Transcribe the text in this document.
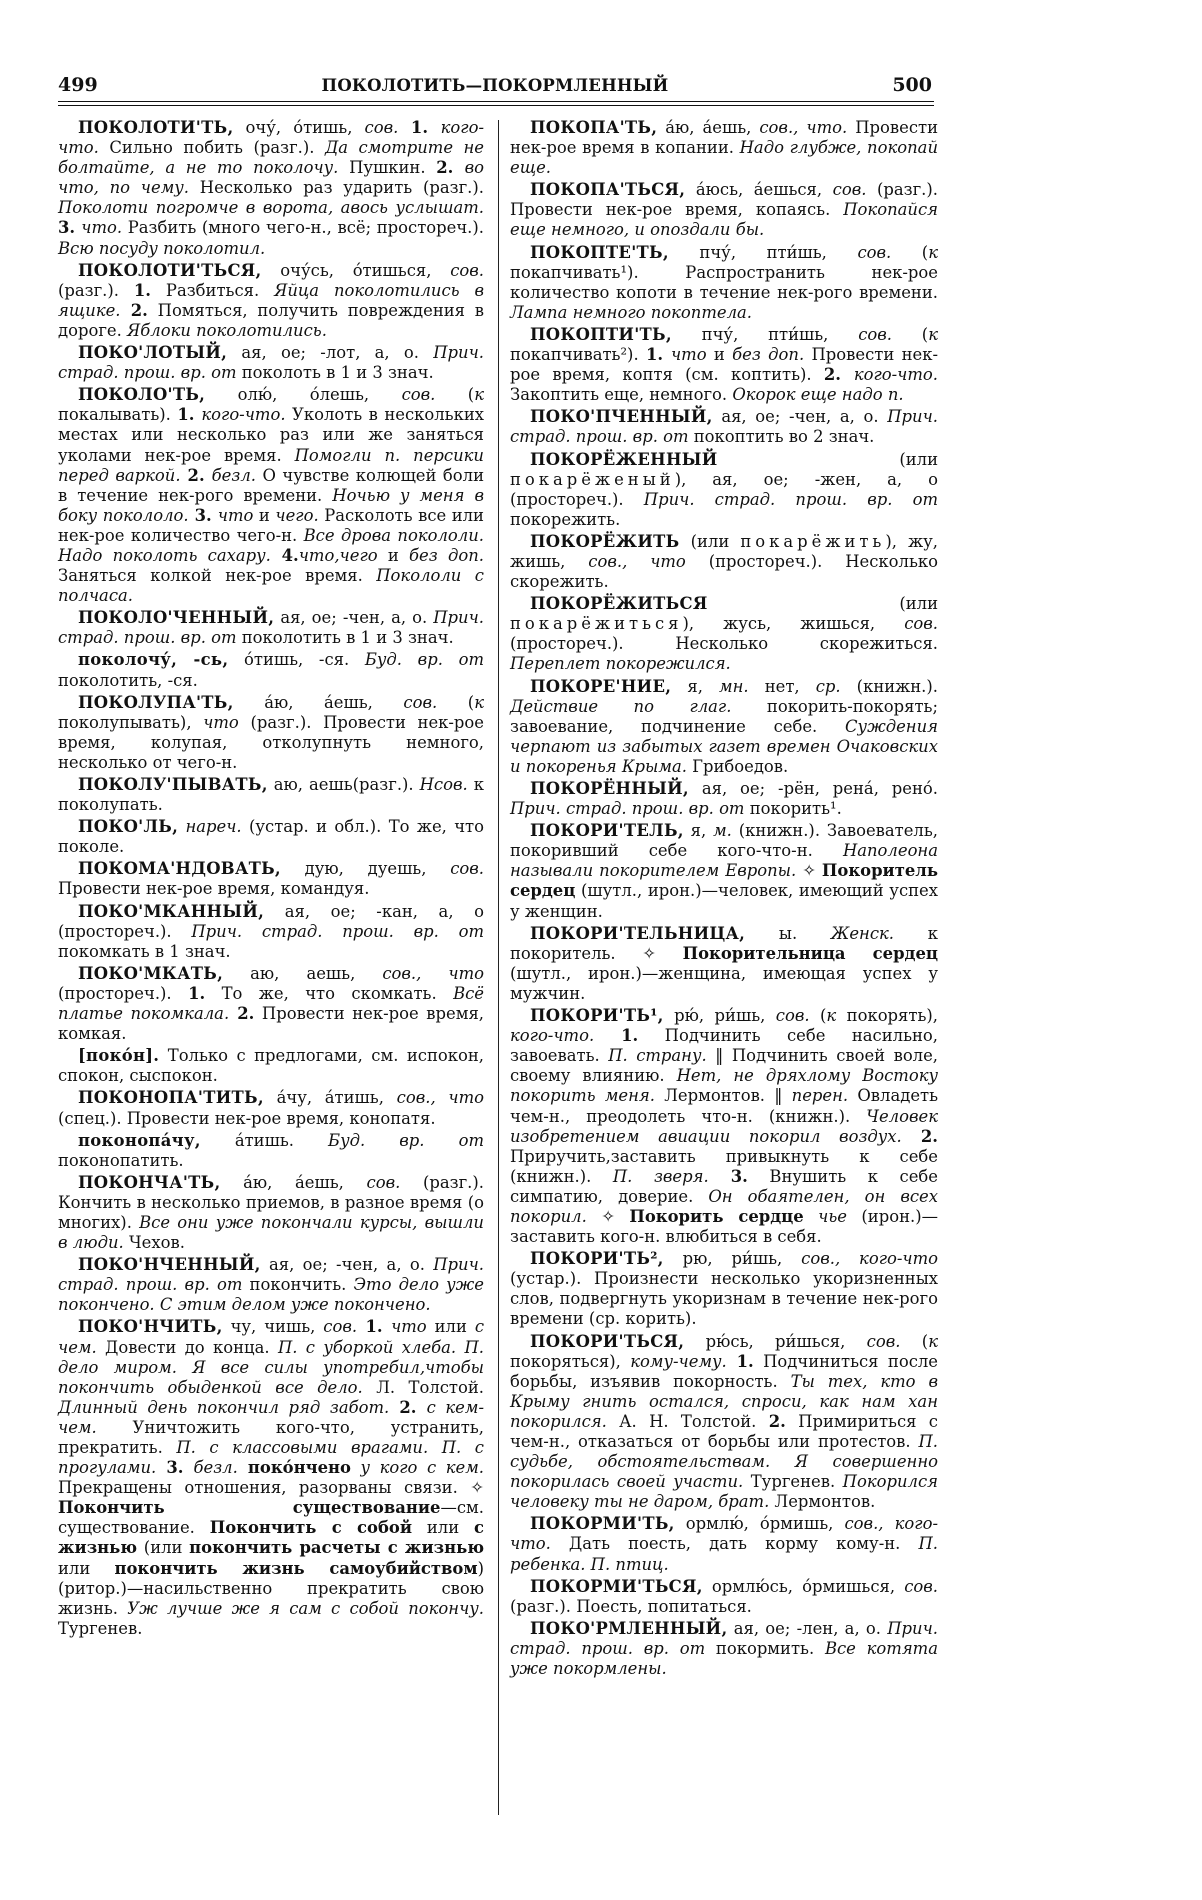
499	ПОКОЛОТИТЬ—ПОКОРМЛЕННЫЙ	500

ПОКОЛОТИ'ТЬ, очу́, о́тишь, сов. 1. кого-что. Сильно побить (разг.). Да смотрите не болтайте, а не то поколочу. Пушкин. 2. во что, по чему. Несколько раз ударить (разг.). Поколоти погромче в ворота, авось услышат. 3. что. Разбить (много чего-н., всё; простореч.). Всю посуду поколотил.

ПОКОЛОТИ'ТЬСЯ, очу́сь, о́тишься, сов. (разг.). 1. Разбиться. Яйца поколотились в ящике. 2. Помяться, получить повреждения в дороге. Яблоки поколотились.

ПОКО'ЛОТЫЙ, ая, ое; -лот, а, о. Прич. страд. прош. вр. от поколоть в 1 и 3 знач.

ПОКОЛО'ТЬ, олю́, о́лешь, сов. (к покалывать). 1. кого-что. Уколоть в нескольких местах или несколько раз или же заняться уколами нек-рое время. Помогли п. персики перед варкой. 2. безл. О чувстве колющей боли в течение нек-рого времени. Ночью у меня в боку покололо. 3. что и чего. Расколоть все или нек-рое количество чего-н. Все дрова покололи. Надо поколоть сахару. 4.что,чего и без доп. Заняться колкой нек-рое время. Покололи с полчаса.

ПОКОЛО'ЧЕННЫЙ, ая, ое; -чен, а, о. Прич. страд. прош. вр. от поколотить в 1 и 3 знач.

поколочу́, -сь, о́тишь, -ся. Буд. вр. от поколотить, -ся.

ПОКОЛУПА'ТЬ, а́ю, а́ешь, сов. (к поколупывать), что (разг.). Провести нек-рое время, колупая, отколупнуть немного, несколько от чего-н.

ПОКОЛУ'ПЫВАТЬ, аю, аешь(разг.). Нсов. к поколупать.

ПОКО'ЛЬ, нареч. (устар. и обл.). То же, что поколе.

ПОКОМА'НДОВАТЬ, дую, дуешь, сов. Провести нек-рое время, командуя.

ПОКО'МКАННЫЙ, ая, ое; -кан, а, о (простореч.). Прич. страд. прош. вр. от покомкать в 1 знач.

ПОКО'МКАТЬ, аю, аешь, сов., что (простореч.). 1. То же, что скомкать. Всё платье покомкала. 2. Провести нек-рое время, комкая.

[поко́н]. Только с предлогами, см. испокон, спокон, сыспокон.

ПОКОНОПА'ТИТЬ, а́чу, а́тишь, сов., что (спец.). Провести нек-рое время, конопатя.

поконопа́чу, а́тишь. Буд. вр. от поконопатить.

ПОКОНЧА'ТЬ, а́ю, а́ешь, сов. (разг.). Кончить в несколько приемов, в разное время (о многих). Все они уже покончали курсы, вышли в люди. Чехов.

ПОКО'НЧЕННЫЙ, ая, ое; -чен, а, о. Прич. страд. прош. вр. от покончить. Это дело уже покончено. С этим делом уже покончено.

ПОКО'НЧИТЬ, чу, чишь, сов. 1. что или с чем. Довести до конца. П. с уборкой хлеба. П. дело миром. Я все силы употребил,чтобы покончить обыденкой все дело. Л. Толстой. Длинный день покончил ряд забот. 2. с кем-чем. Уничтожить кого-что, устранить, прекратить. П. с классовыми врагами. П. с прогулами. 3. безл. поко́нчено у кого с кем. Прекращены отношения, разорваны связи. ✧ Покончить существование—см. существование. Покончить с собой или с жизнью (или покончить расчеты с жизнью или покончить жизнь самоубийством) (ритор.)—насильственно прекратить свою жизнь. Уж лучше же я сам с собой покончу. Тургенев.

ПОКОПА'ТЬ, а́ю, а́ешь, сов., что. Провести нек-рое время в копании. Надо глубже, покопай еще.

ПОКОПА'ТЬСЯ, а́юсь, а́ешься, сов. (разг.). Провести нек-рое время, копаясь. Покопайся еще немного, и опоздали бы.

ПОКОПТЕ'ТЬ, пчу́, пти́шь, сов. (к покапчивать¹). Распространить нек-рое количество копоти в течение нек-рого времени. Лампа немного покоптела.

ПОКОПТИ'ТЬ, пчу́, пти́шь, сов. (к покапчивать²). 1. что и без доп. Провести нек-рое время, коптя (см. коптить). 2. кого-что. Закоптить еще, немного. Окорок еще надо п.

ПОКО'ПЧЕННЫЙ, ая, ое; -чен, а, о. Прич. страд. прош. вр. от покоптить во 2 знач.

ПОКОРЁЖЕННЫЙ (или покарёженый), ая, ое; -жен, а, о (простореч.). Прич. страд. прош. вр. от покорежить.

ПОКОРЁЖИТЬ (или покарёжить), жу, жишь, сов., что (простореч.). Несколько скорежить.

ПОКОРЁЖИТЬСЯ (или покарёжиться), жусь, жишься, сов. (простореч.). Несколько скорежиться. Переплет покорежился.

ПОКОРЕ'НИЕ, я, мн. нет, ср. (книжн.). Действие по глаг. покорить-покорять; завоевание, подчинение себе. Суждения черпают из забытых газет времен Очаковских и покоренья Крыма. Грибоедов.

ПОКОРЁННЫЙ, ая, ое; -рён, рена́, рено́. Прич. страд. прош. вр. от покорить¹.

ПОКОРИ'ТЕЛЬ, я, м. (книжн.). Завоеватель, покоривший себе кого-что-н. Наполеона называли покорителем Европы. ✧ Покоритель сердец (шутл., ирон.)—человек, имеющий успех у женщин.

ПОКОРИ'ТЕЛЬНИЦА, ы. Женск. к покоритель. ✧ Покорительница сердец (шутл., ирон.)—женщина, имеющая успех у мужчин.

ПОКОРИ'ТЬ¹, рю́, ри́шь, сов. (к покорять), кого-что. 1. Подчинить себе насильно, завоевать. П. страну. ‖ Подчинить своей воле, своему влиянию. Нет, не дряхлому Востоку покорить меня. Лермонтов. ‖ перен. Овладеть чем-н., преодолеть что-н. (книжн.). Человек изобретением авиации покорил воздух. 2. Приручить,заставить привыкнуть к себе (книжн.). П. зверя. 3. Внушить к себе симпатию, доверие. Он обаятелен, он всех покорил. ✧ Покорить сердце чье (ирон.)—заставить кого-н. влюбиться в себя.

ПОКОРИ'ТЬ², рю, ри́шь, сов., кого-что (устар.). Произнести несколько укоризненных слов, подвергнуть укоризнам в течение нек-рого времени (ср. корить).

ПОКОРИ'ТЬСЯ, рю́сь, ри́шься, сов. (к покоряться), кому-чему. 1. Подчиниться после борьбы, изъявив покорность. Ты тех, кто в Крыму гнить остался, спроси, как нам хан покорился. А. Н. Толстой. 2. Примириться с чем-н., отказаться от борьбы или протестов. П. судьбе, обстоятельствам. Я совершенно покорилась своей участи. Тургенев. Покорился человеку ты не даром, брат. Лермонтов.

ПОКОРМИ'ТЬ, ормлю́, о́рмишь, сов., кого-что. Дать поесть, дать корму кому-н. П. ребенка. П. птиц.

ПОКОРМИ'ТЬСЯ, ормлю́сь, о́рмишься, сов. (разг.). Поесть, попитаться.

ПОКО'РМЛЕННЫЙ, ая, ое; -лен, а, о. Прич. страд. прош. вр. от покормить. Все котята уже покормлены.
